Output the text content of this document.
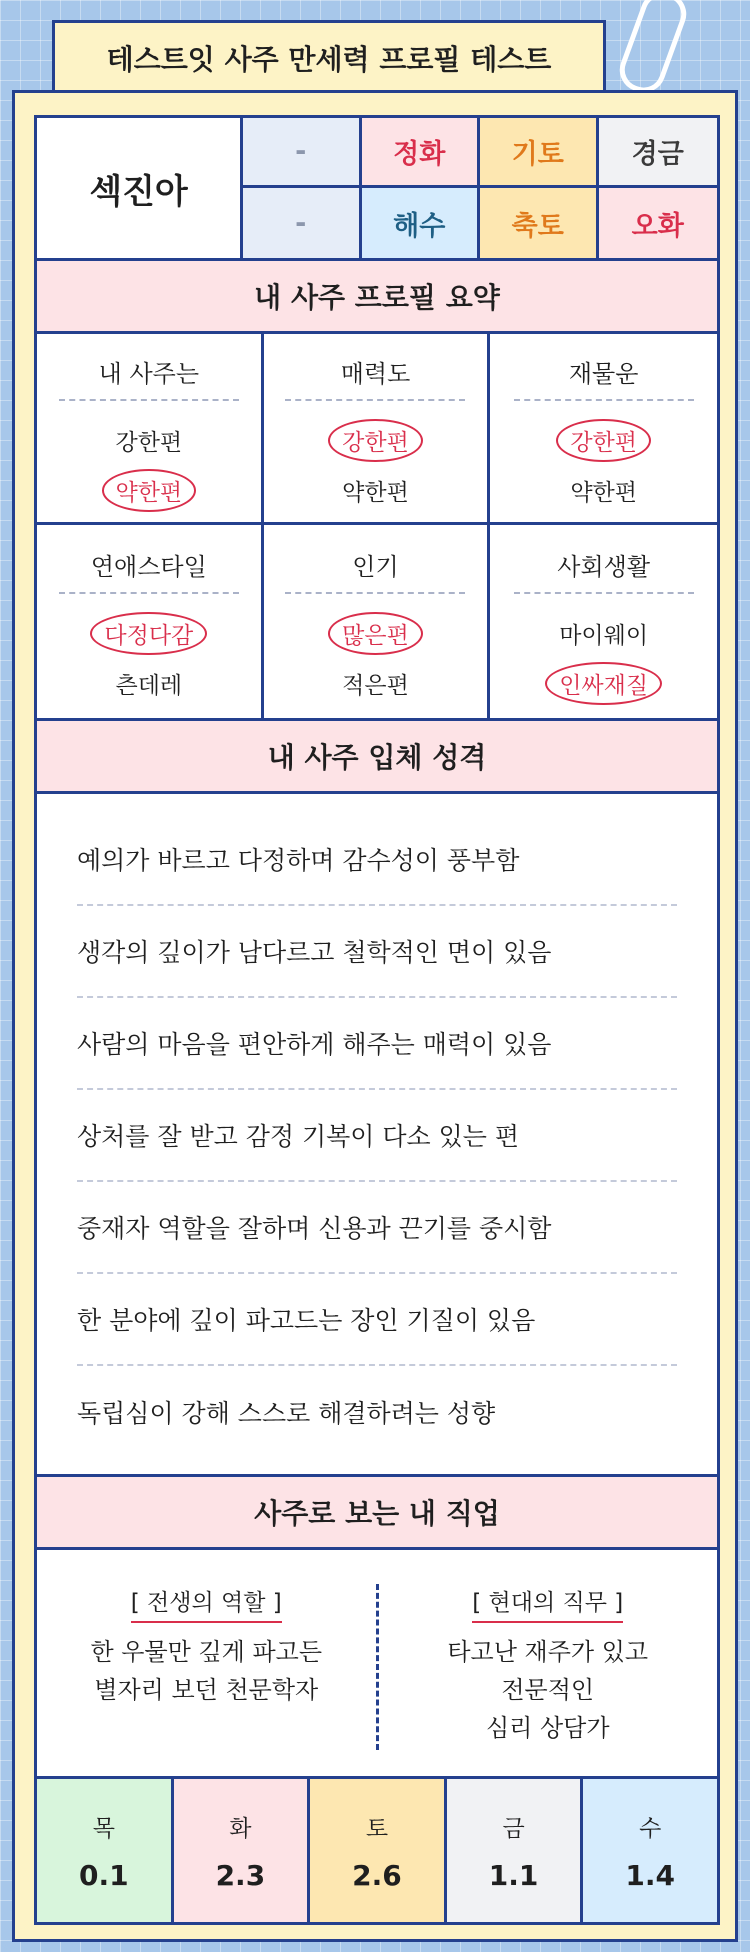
테스트잇 사주 만세력 프로필 테스트
섹진아
-	정화	기토	경금
-	해수	축토	오화
내 사주 프로필 요약
내 사주는
강한편
약한편
매력도
강한편
약한편
재물운
강한편
약한편
연애스타일
다정다감
츤데레
인기
많은편
적은편
사회생활
마이웨이
인싸재질
내 사주 입체 성격
예의가 바르고 다정하며 감수성이 풍부함
생각의 깊이가 남다르고 철학적인 면이 있음
사람의 마음을 편안하게 해주는 매력이 있음
상처를 잘 받고 감정 기복이 다소 있는 편
중재자 역할을 잘하며 신용과 끈기를 중시함
한 분야에 깊이 파고드는 장인 기질이 있음
독립심이 강해 스스로 해결하려는 성향
사주로 보는 내 직업
[ 전생의 역할 ]
한 우물만 깊게 파고든
별자리 보던 천문학자
[ 현대의 직무 ]
타고난 재주가 있고
전문적인
심리 상담가
목
0.1
화
2.3
토
2.6
금
1.1
수
1.4
